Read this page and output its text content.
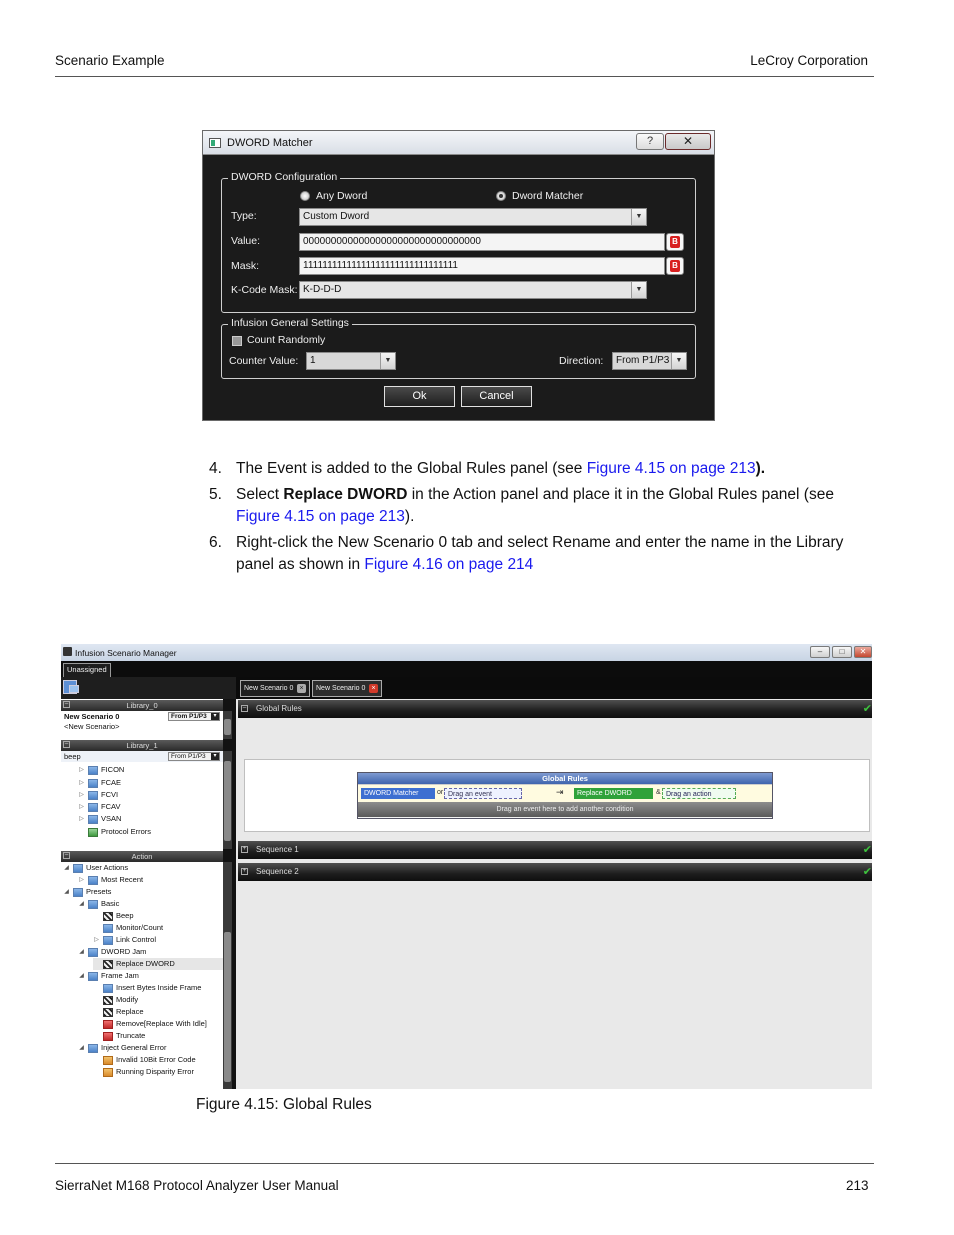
Scenario Example	LeCroy Corporation
DWORD Matcher	?	✕
DWORD Configuration
Any Dword	Dword Matcher
Type:	Custom Dword	▼
Value:	00000000000000000000000000000000
B
Mask:	11111111111111111111111111111111
B
K-Code Mask: K-D-D-D	▼
Infusion General Settings
Count Randomly
Counter Value:	1	▼	Direction:	From P1/P3 ▼
Ok	Cancel
4. The Event is added to the Global Rules panel (see Figure 4.15 on page 213).
5. Select Replace DWORD in the Action panel and place it in the Global Rules panel (see Figure 4.15 on page 213).
6. Right-click the New Scenario 0 tab and select Rename and enter the name in the Library panel as shown in Figure 4.16 on page 214
Infusion Scenario Manager	–	□	✕
Unassigned
–	Library_0
New Scenario 0	From P1/P3 ▾
<New Scenario>
–	Library_1
beep	From P1/P3 ▾
▷ FICON
▷ FCAE
▷ FCVI
▷ FCAV
▷ VSAN
Protocol Errors
–	Action
◢ User Actions
▷ Most Recent
◢ Presets
◢ Basic
Beep
Monitor/Count
▷ Link Control
◢ DWORD Jam
Replace DWORD
◢ Frame Jam
Insert Bytes Inside Frame
Modify
Replace
Remove[Replace With Idle]
Truncate
◢ Inject General Error
Invalid 10Bit Error Code
Running Disparity Error
New Scenario 0 ×	New Scenario 0 ×
– Global Rules	✔
Global Rules
DWORD Matcher	or Drag an event	⇥	Replace DWORD	& Drag an action
Drag an event here to add another condition
+ Sequence 1	✔
+ Sequence 2	✔
Figure 4.15: Global Rules
SierraNet M168 Protocol Analyzer User Manual	213
